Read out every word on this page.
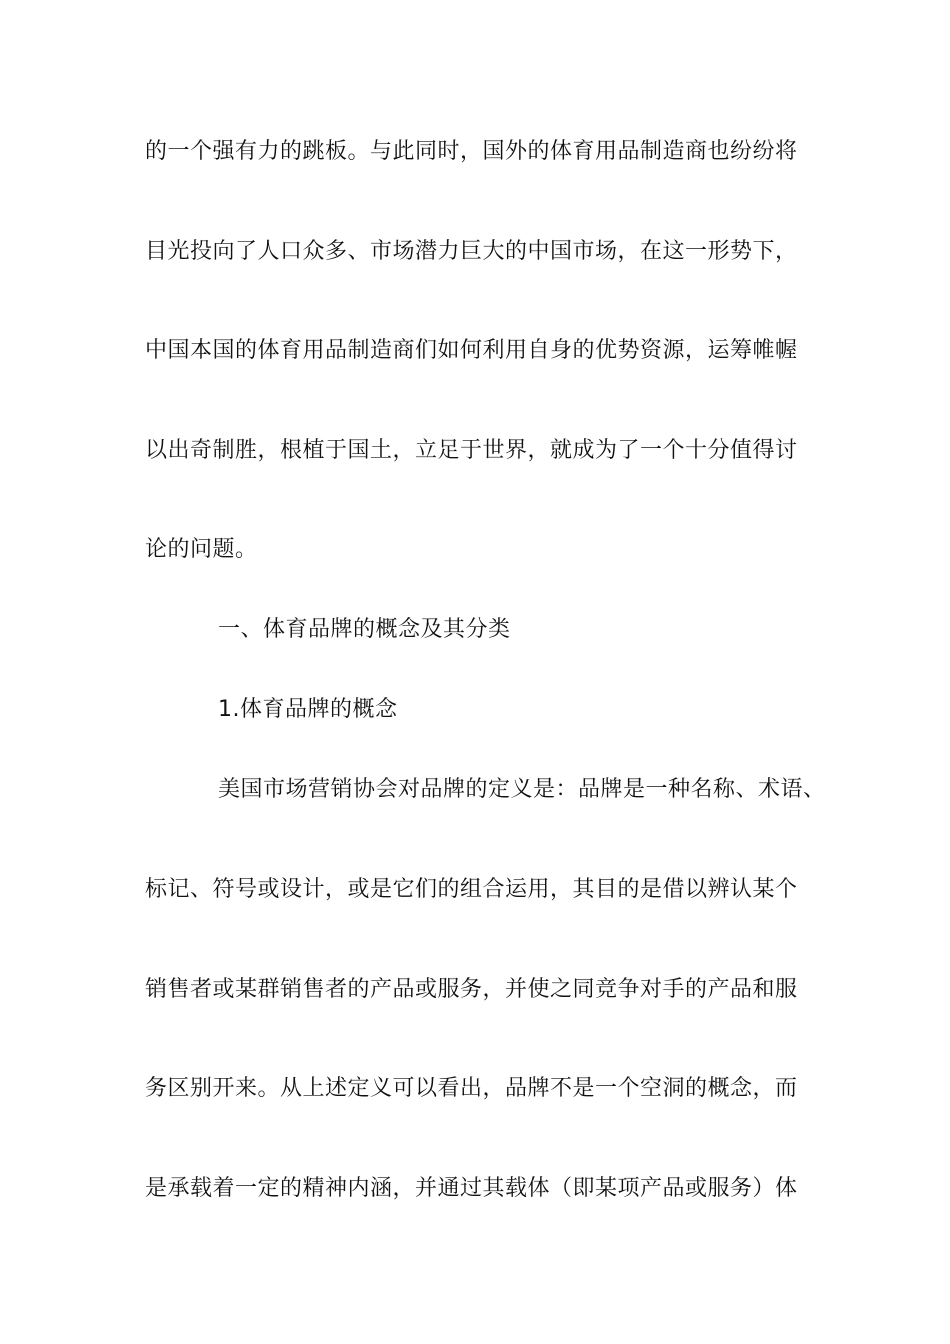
的一个强有力的跳板。与此同时，国外的体育用品制造商也纷纷将
目光投向了人口众多、市场潜力巨大的中国市场，在这一形势下，
中国本国的体育用品制造商们如何利用自身的优势资源，运筹帷幄
以出奇制胜，根植于国土，立足于世界，就成为了一个十分值得讨
论的问题。
一、体育品牌的概念及其分类
1.体育品牌的概念
美国市场营销协会对品牌的定义是：品牌是一种名称、术语、
标记、符号或设计，或是它们的组合运用，其目的是借以辨认某个
销售者或某群销售者的产品或服务，并使之同竞争对手的产品和服
务区别开来。从上述定义可以看出，品牌不是一个空洞的概念，而
是承载着一定的精神内涵，并通过其载体（即某项产品或服务）体
